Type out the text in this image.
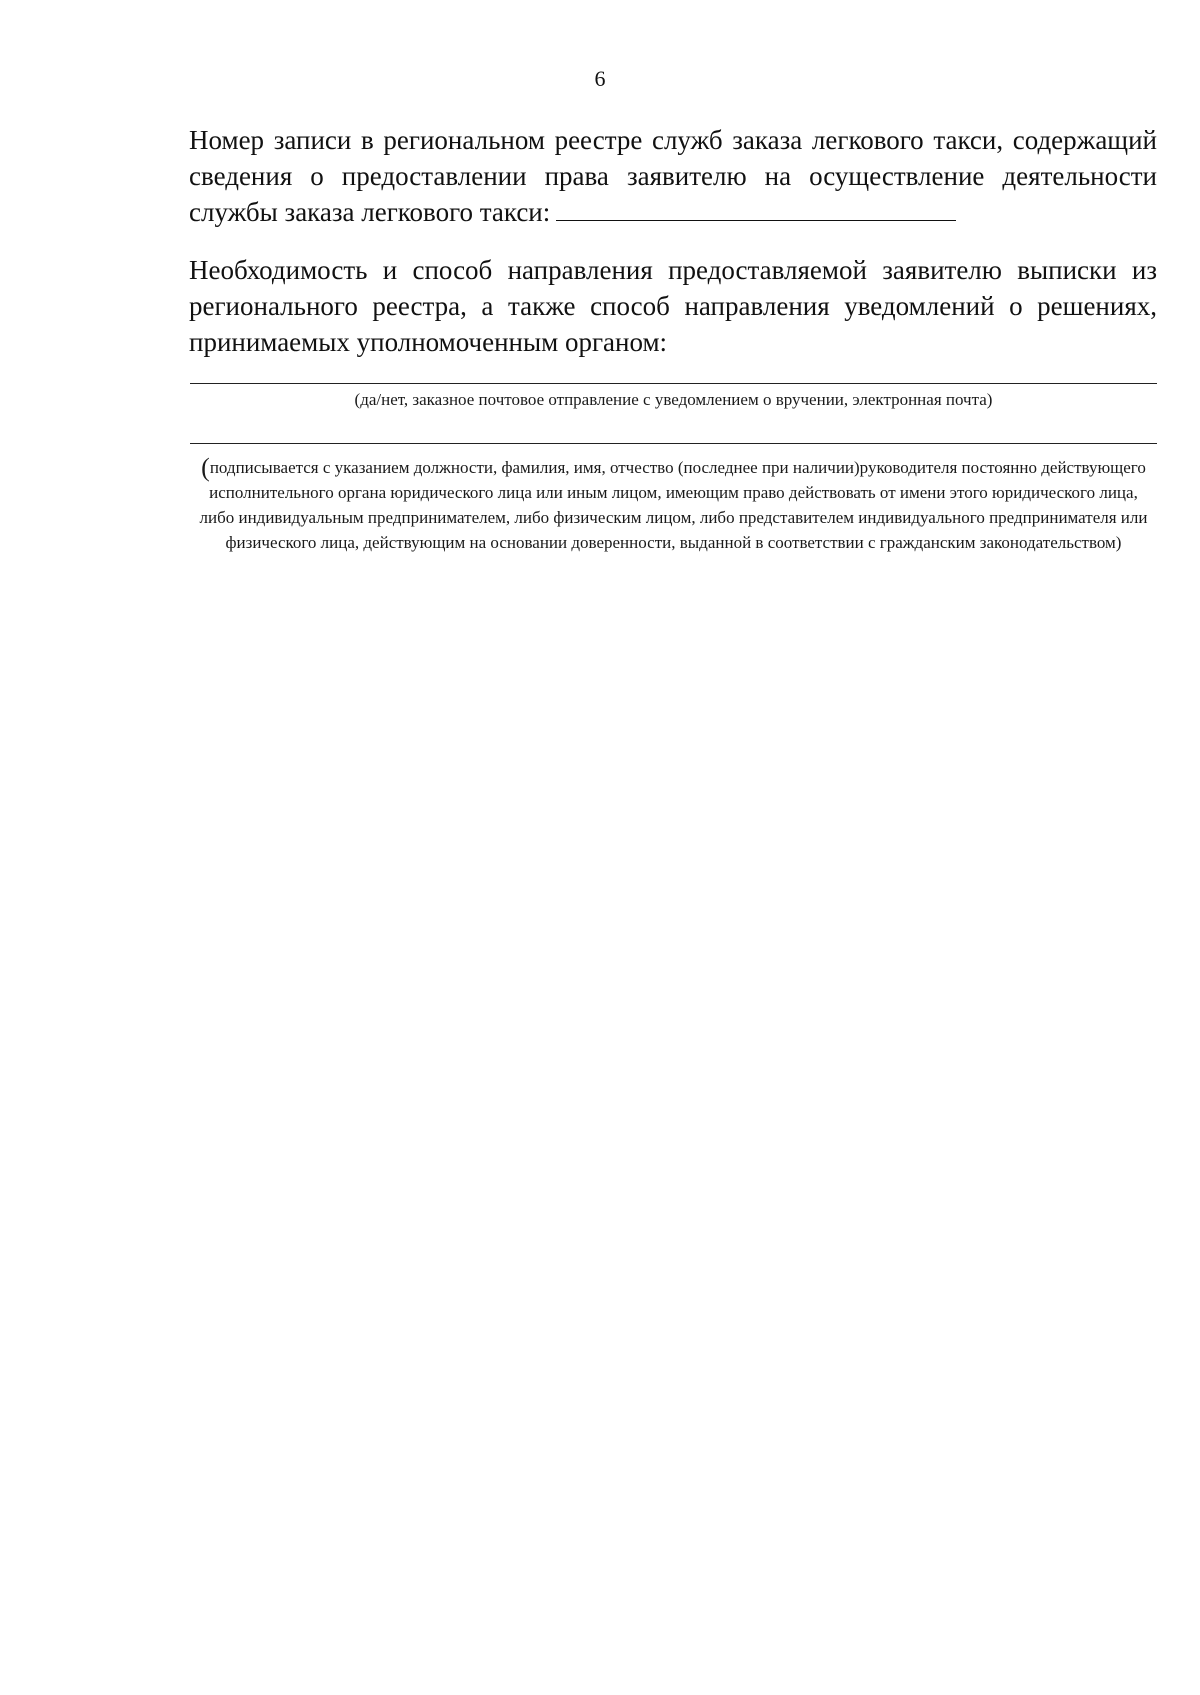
6
Номер записи в региональном реестре служб заказа легкового такси, содержащий сведения о предоставлении права заявителю на осуществление деятельности службы заказа легкового такси:
Необходимость и способ направления предоставляемой заявителю выписки из регионального реестра, а также способ направления уведомлений о решениях, принимаемых уполномоченным органом:
(да/нет, заказное почтовое отправление с уведомлением о вручении, электронная почта)
(подписывается с указанием должности, фамилия, имя, отчество (последнее при наличии)руководителя постоянно действующего исполнительного органа юридического лица или иным лицом, имеющим право действовать от имени этого юридического лица, либо индивидуальным предпринимателем, либо физическим лицом, либо представителем индивидуального предпринимателя или физического лица, действующим на основании доверенности, выданной в соответствии с гражданским законодательством)
